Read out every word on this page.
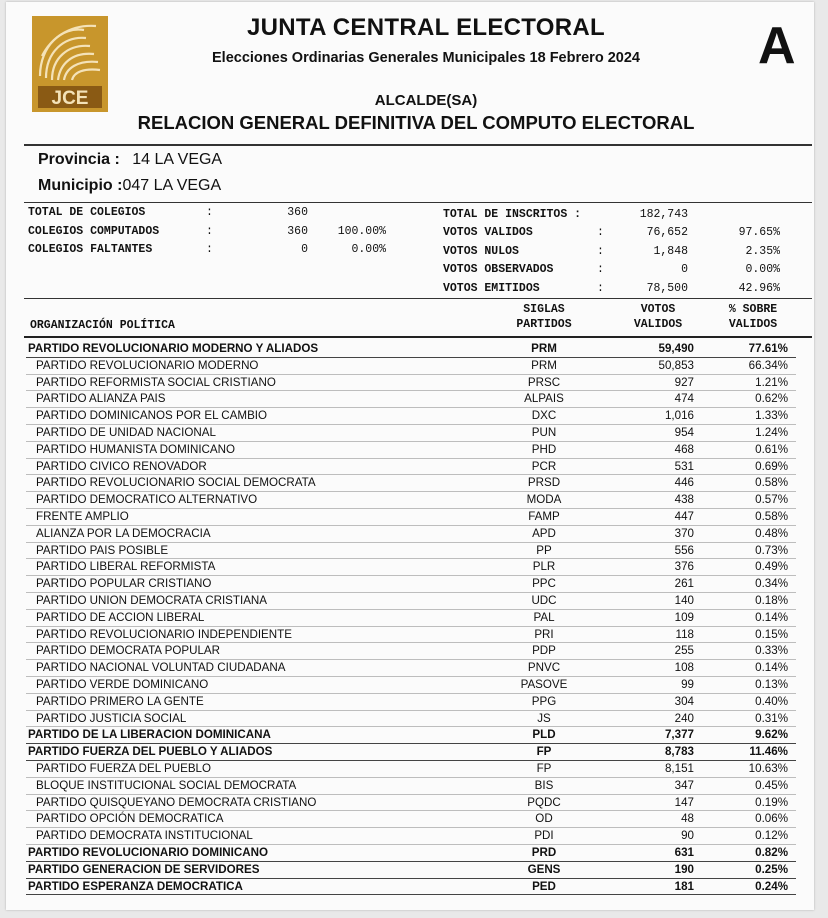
JCE
JUNTA CENTRAL ELECTORAL
Elecciones Ordinarias Generales Municipales 18 Febrero 2024	A
ALCALDE(SA)
RELACION GENERAL DEFINITIVA DEL COMPUTO ELECTORAL
Provincia : 14 LA VEGA
Municipio :047 LA VEGA
TOTAL DE COLEGIOS	:	360
COLEGIOS COMPUTADOS	:	360	100.00%
COLEGIOS FALTANTES	:	0	0.00%
TOTAL DE INSCRITOS :	182,743
VOTOS VALIDOS	:	76,652	97.65%
VOTOS NULOS	:	1,848	2.35%
VOTOS OBSERVADOS	:	0	0.00%
VOTOS EMITIDOS	:	78,500	42.96%
ORGANIZACIÓN POLÍTICA
SIGLAS
PARTIDOS
VOTOS
VALIDOS
% SOBRE
VALIDOS
PARTIDO REVOLUCIONARIO MODERNO Y ALIADOS	PRM	59,490	77.61%
PARTIDO REVOLUCIONARIO MODERNO	PRM	50,853	66.34%
PARTIDO REFORMISTA SOCIAL CRISTIANO	PRSC	927	1.21%
PARTIDO ALIANZA PAIS	ALPAIS	474	0.62%
PARTIDO DOMINICANOS POR EL CAMBIO	DXC	1,016	1.33%
PARTIDO DE UNIDAD NACIONAL	PUN	954	1.24%
PARTIDO HUMANISTA DOMINICANO	PHD	468	0.61%
PARTIDO CIVICO RENOVADOR	PCR	531	0.69%
PARTIDO REVOLUCIONARIO SOCIAL DEMOCRATA	PRSD	446	0.58%
PARTIDO DEMOCRATICO ALTERNATIVO	MODA	438	0.57%
FRENTE AMPLIO	FAMP	447	0.58%
ALIANZA POR LA DEMOCRACIA	APD	370	0.48%
PARTIDO PAIS POSIBLE	PP	556	0.73%
PARTIDO LIBERAL REFORMISTA	PLR	376	0.49%
PARTIDO POPULAR CRISTIANO	PPC	261	0.34%
PARTIDO UNION DEMOCRATA CRISTIANA	UDC	140	0.18%
PARTIDO DE ACCION LIBERAL	PAL	109	0.14%
PARTIDO REVOLUCIONARIO INDEPENDIENTE	PRI	118	0.15%
PARTIDO DEMOCRATA POPULAR	PDP	255	0.33%
PARTIDO NACIONAL VOLUNTAD CIUDADANA	PNVC	108	0.14%
PARTIDO VERDE DOMINICANO	PASOVE	99	0.13%
PARTIDO PRIMERO LA GENTE	PPG	304	0.40%
PARTIDO JUSTICIA SOCIAL	JS	240	0.31%
PARTIDO DE LA LIBERACION DOMINICANA	PLD	7,377	9.62%
PARTIDO FUERZA DEL PUEBLO Y ALIADOS	FP	8,783	11.46%
PARTIDO FUERZA DEL PUEBLO	FP	8,151	10.63%
BLOQUE INSTITUCIONAL SOCIAL DEMOCRATA	BIS	347	0.45%
PARTIDO QUISQUEYANO DEMOCRATA CRISTIANO	PQDC	147	0.19%
PARTIDO OPCIÓN DEMOCRATICA	OD	48	0.06%
PARTIDO DEMOCRATA INSTITUCIONAL	PDI	90	0.12%
PARTIDO REVOLUCIONARIO DOMINICANO	PRD	631	0.82%
PARTIDO GENERACION DE SERVIDORES	GENS	190	0.25%
PARTIDO ESPERANZA DEMOCRATICA	PED	181	0.24%
